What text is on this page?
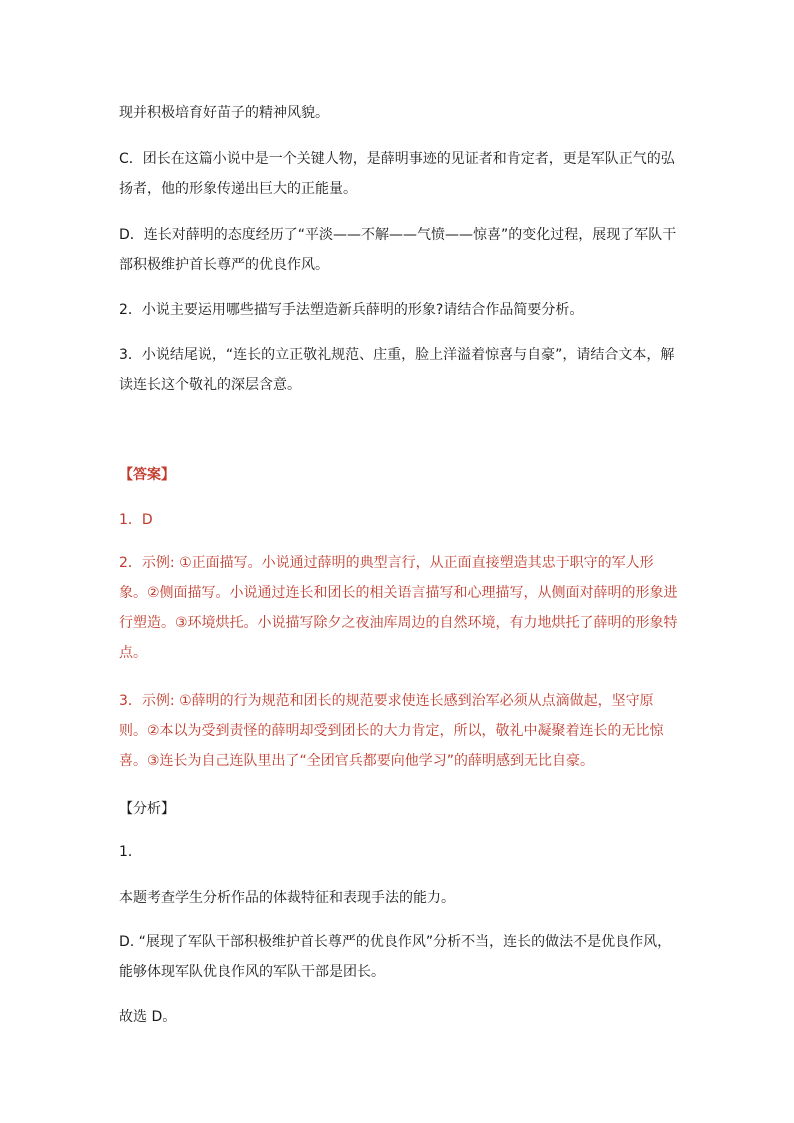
现并积极培育好苗子的精神风貌。
C．团长在这篇小说中是一个关键人物，是薛明事迹的见证者和肯定者，更是军队正气的弘扬者，他的形象传递出巨大的正能量。
D．连长对薛明的态度经历了“平淡——不解——气愤——惊喜”的变化过程，展现了军队干部积极维护首长尊严的优良作风。
2．小说主要运用哪些描写手法塑造新兵薛明的形象?请结合作品简要分析。
3．小说结尾说，“连长的立正敬礼规范、庄重，脸上洋溢着惊喜与自豪”，请结合文本，解读连长这个敬礼的深层含意。
【答案】
1．D
2．示例: ①正面描写。小说通过薛明的典型言行，从正面直接塑造其忠于职守的军人形象。②侧面描写。小说通过连长和团长的相关语言描写和心理描写，从侧面对薛明的形象进行塑造。③环境烘托。小说描写除夕之夜油库周边的自然环境，有力地烘托了薛明的形象特点。
3．示例: ①薛明的行为规范和团长的规范要求使连长感到治军必须从点滴做起，坚守原则。②本以为受到责怪的薛明却受到团长的大力肯定，所以，敬礼中凝聚着连长的无比惊喜。③连长为自己连队里出了“全团官兵都要向他学习”的薛明感到无比自豪。
【分析】
1．
本题考查学生分析作品的体裁特征和表现手法的能力。
D. “展现了军队干部积极维护首长尊严的优良作风”分析不当，连长的做法不是优良作风，能够体现军队优良作风的军队干部是团长。
故选 D。
